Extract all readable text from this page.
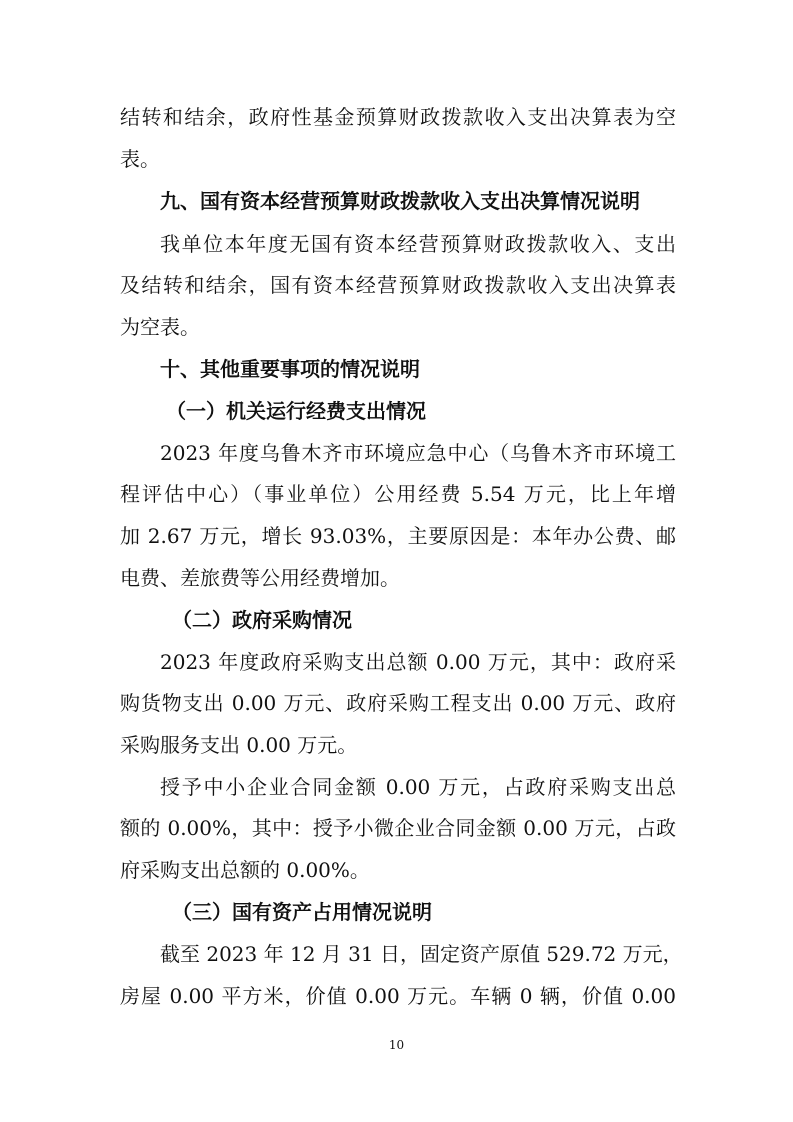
结转和结余，政府性基金预算财政拨款收入支出决算表为空
表。
九、国有资本经营预算财政拨款收入支出决算情况说明
我单位本年度无国有资本经营预算财政拨款收入、支出
及结转和结余，国有资本经营预算财政拨款收入支出决算表
为空表。
十、其他重要事项的情况说明
（一）机关运行经费支出情况
2023 年度乌鲁木齐市环境应急中心（乌鲁木齐市环境工
程评估中心）（事业单位）公用经费 5.54 万元，比上年增
加 2.67 万元，增长 93.03%，主要原因是：本年办公费、邮
电费、差旅费等公用经费增加。
（二）政府采购情况
2023 年度政府采购支出总额 0.00 万元，其中：政府采
购货物支出 0.00 万元、政府采购工程支出 0.00 万元、政府
采购服务支出 0.00 万元。
授予中小企业合同金额 0.00 万元，占政府采购支出总
额的 0.00%，其中：授予小微企业合同金额 0.00 万元，占政
府采购支出总额的 0.00%。
（三）国有资产占用情况说明
截至 2023 年 12 月 31 日，固定资产原值 529.72 万元，
房屋 0.00 平方米，价值 0.00 万元。车辆 0 辆，价值 0.00
10
